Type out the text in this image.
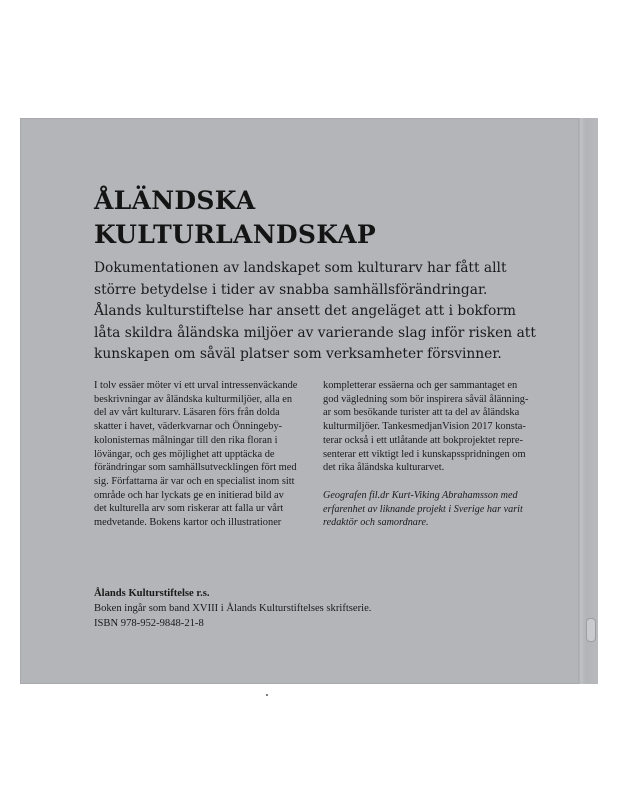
ÅLÄNDSKA
KULTURLANDSKAP

Dokumentationen av landskapet som kulturarv har fått allt
större betydelse i tider av snabba samhällsförändringar.
Ålands kulturstiftelse har ansett det angeläget att i bokform
låta skildra åländska miljöer av varierande slag inför risken att
kunskapen om såväl platser som verksamheter försvinner.

I tolv essäer möter vi ett urval intressenväckande
beskrivningar av åländska kulturmiljöer, alla en
del av vårt kulturarv. Läsaren förs från dolda
skatter i havet, väderkvarnar och Önningeby-
kolonisternas målningar till den rika floran i
lövängar, och ges möjlighet att upptäcka de
förändringar som samhällsutvecklingen fört med
sig. Författarna är var och en specialist inom sitt
område och har lyckats ge en initierad bild av
det kulturella arv som riskerar att falla ur vårt
medvetande. Bokens kartor och illustrationer

kompletterar essäerna och ger sammantaget en
god vägledning som bör inspirera såväl ålänning-
ar som besökande turister att ta del av åländska
kulturmiljöer. TankesmedjanVision 2017 konsta-
terar också i ett utlåtande att bokprojektet repre-
senterar ett viktigt led i kunskapsspridningen om
det rika åländska kulturarvet.

Geografen fil.dr Kurt-Viking Abrahamsson med
erfarenhet av liknande projekt i Sverige har varit
redaktör och samordnare.

Ålands Kulturstiftelse r.s.
Boken ingår som band XVIII i Ålands Kulturstiftelses skriftserie.
ISBN 978-952-9848-21-8
